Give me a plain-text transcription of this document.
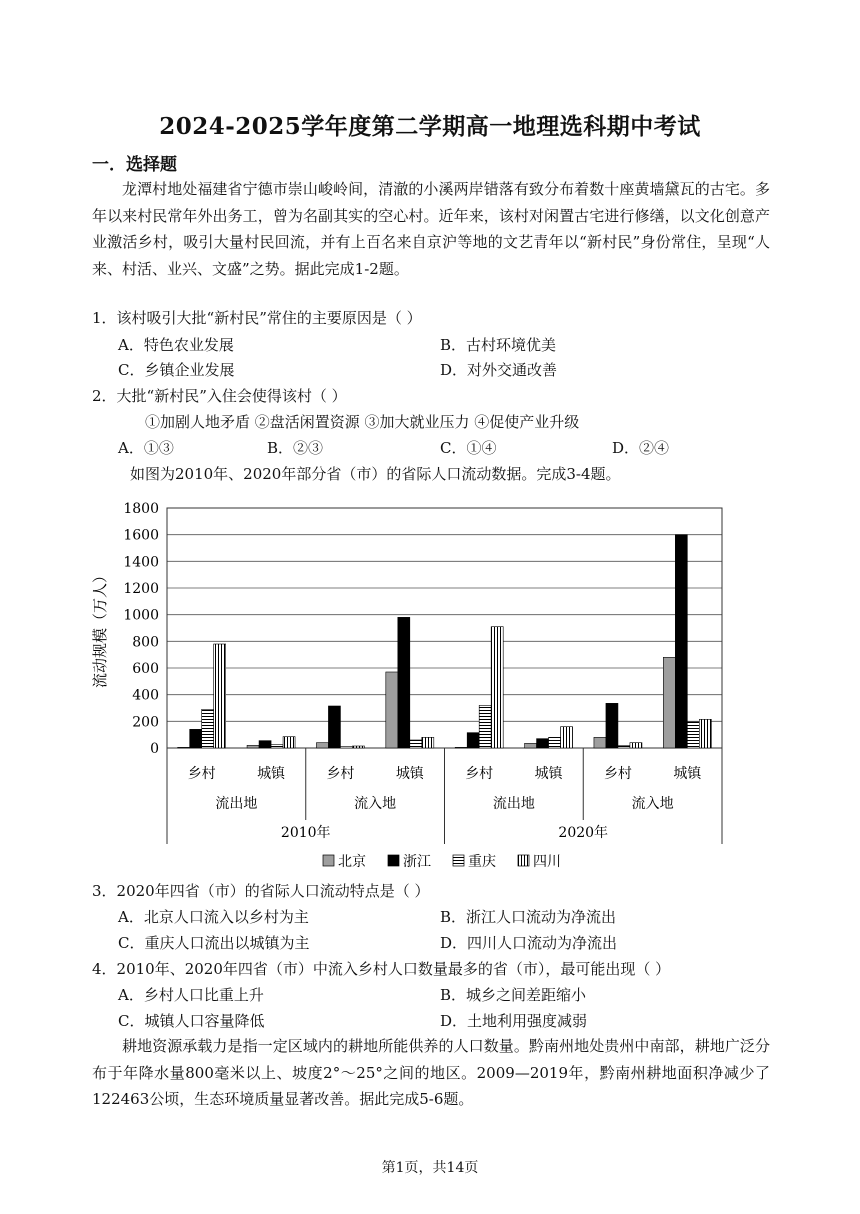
2024-2025学年度第二学期高一地理选科期中考试
一．选择题
龙潭村地处福建省宁德市崇山峻岭间，清澈的小溪两岸错落有致分布着数十座黄墙黛瓦的古宅。多年以来村民常年外出务工，曾为名副其实的空心村。近年来，该村对闲置古宅进行修缮，以文化创意产业激活乡村，吸引大量村民回流，并有上百名来自京沪等地的文艺青年以“新村民”身份常住，呈现“人来、村活、业兴、文盛”之势。据此完成1-2题。
1．该村吸引大批“新村民”常住的主要原因是（ ）
A．特色农业发展	B．古村环境优美
C．乡镇企业发展	D．对外交通改善
2．大批“新村民”入住会使得该村（ ）
①加剧人地矛盾 ②盘活闲置资源 ③加大就业压力 ④促使产业升级
A．①③	B．②③	C．①④	D．②④
如图为2010年、2020年部分省（市）的省际人口流动数据。完成3-4题。
0
200
400
600
800
1000
1200
1400
1600
1800
流动规模（万人）
乡村	城镇	乡村	城镇	乡村	城镇	乡村	城镇
流出地	流入地	流出地	流入地
2010年	2020年
北京	浙江	重庆	四川
3．2020年四省（市）的省际人口流动特点是（ ）
A．北京人口流入以乡村为主	B．浙江人口流动为净流出
C．重庆人口流出以城镇为主	D．四川人口流动为净流出
4．2010年、2020年四省（市）中流入乡村人口数量最多的省（市），最可能出现（ ）
A．乡村人口比重上升	B．城乡之间差距缩小
C．城镇人口容量降低	D．土地利用强度减弱
耕地资源承载力是指一定区域内的耕地所能供养的人口数量。黔南州地处贵州中南部，耕地广泛分布于年降水量800毫米以上、坡度2°～25°之间的地区。2009—2019年，黔南州耕地面积净减少了122463公顷，生态环境质量显著改善。据此完成5-6题。
第1页，共14页
